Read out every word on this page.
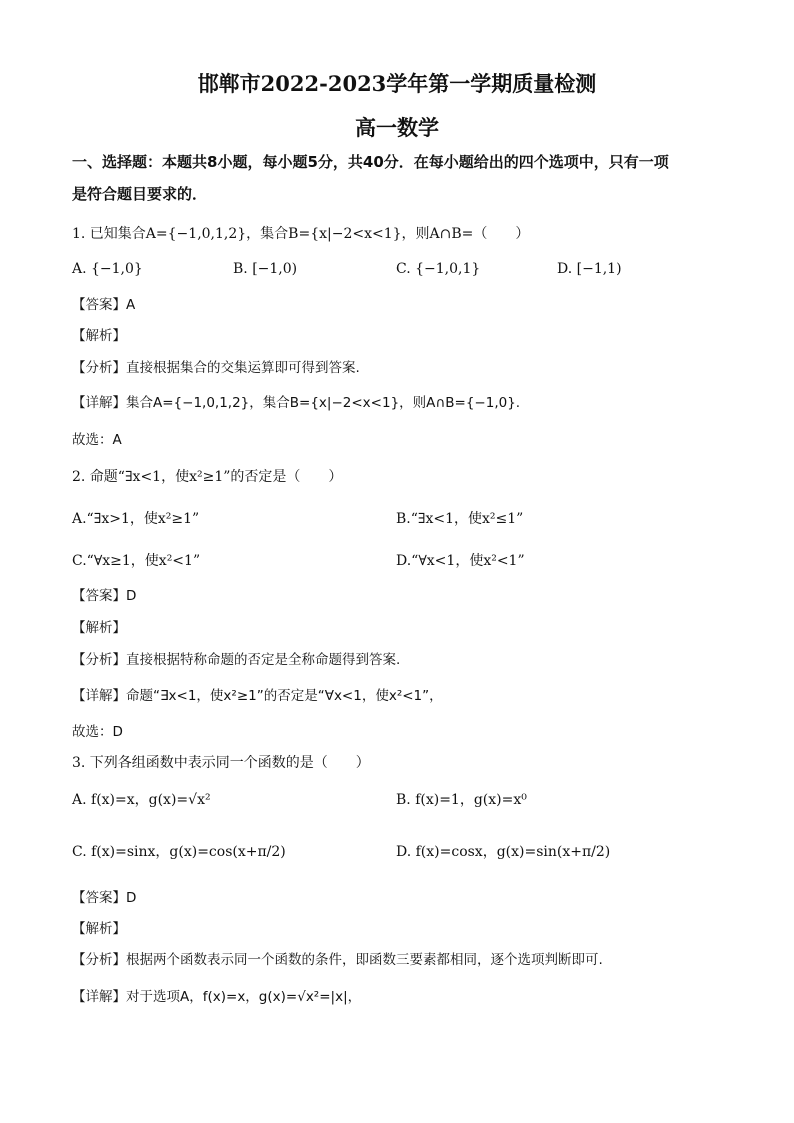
邯郸市2022-2023学年第一学期质量检测
高一数学
一、选择题：本题共8小题，每小题5分，共40分．在每小题给出的四个选项中，只有一项
是符合题目要求的．
1. 已知集合A={−1,0,1,2}，集合B={x|−2<x<1}，则A∩B=（　　）
A. {−1,0}	B. [−1,0)	C. {−1,0,1}	D. [−1,1)
【答案】A
【解析】
【分析】直接根据集合的交集运算即可得到答案.
【详解】集合A={−1,0,1,2}，集合B={x|−2<x<1}，则A∩B={−1,0}.
故选：A
2. 命题“∃x<1，使x²≥1”的否定是（　　）
A.“∃x>1，使x²≥1”	B.“∃x<1，使x²≤1”
C.“∀x≥1，使x²<1”	D.“∀x<1，使x²<1”
【答案】D
【解析】
【分析】直接根据特称命题的否定是全称命题得到答案.
【详解】命题“∃x<1，使x²≥1”的否定是“∀x<1，使x²<1”，
故选：D
3. 下列各组函数中表示同一个函数的是（　　）
A. f(x)=x，g(x)=√x²	B. f(x)=1，g(x)=x⁰
C. f(x)=sinx，g(x)=cos(x+π/2)	D. f(x)=cosx，g(x)=sin(x+π/2)
【答案】D
【解析】
【分析】根据两个函数表示同一个函数的条件，即函数三要素都相同，逐个选项判断即可.
【详解】对于选项A，f(x)=x，g(x)=√x²=|x|，
